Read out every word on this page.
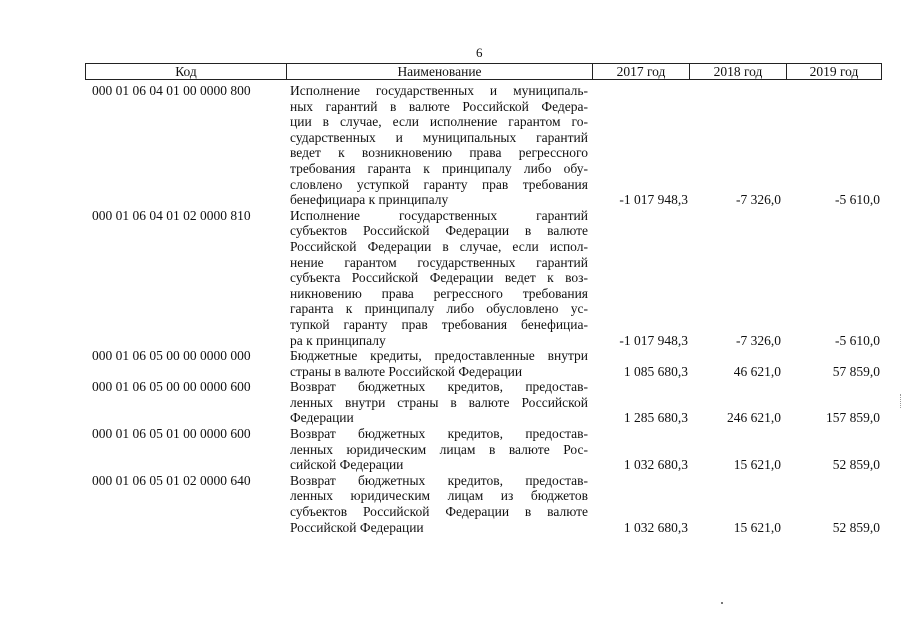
6
Код	Наименование	2017 год	2018 год	2019 год
000 01 06 04 01 00 0000 800	Исполнение государственных и муниципаль-
ных гарантий в валюте Российской Федера-
ции в случае, если исполнение гарантом го-
сударственных и муниципальных гарантий
ведет к возникновению права регрессного
требования гаранта к принципалу либо обу-
словлено уступкой гаранту прав требования
бенефициара к принципалу	-1 017 948,3	-7 326,0	-5 610,0
000 01 06 04 01 02 0000 810	Исполнение государственных гарантий
субъектов Российской Федерации в валюте
Российской Федерации в случае, если испол-
нение гарантом государственных гарантий
субъекта Российской Федерации ведет к воз-
никновению права регрессного требования
гаранта к принципалу либо обусловлено ус-
тупкой гаранту прав требования бенефициа-
ра к принципалу	-1 017 948,3	-7 326,0	-5 610,0
000 01 06 05 00 00 0000 000	Бюджетные кредиты, предоставленные внутри
страны в валюте Российской Федерации	1 085 680,3	46 621,0	57 859,0
000 01 06 05 00 00 0000 600	Возврат бюджетных кредитов, предостав-
ленных внутри страны в валюте Российской
Федерации	1 285 680,3	246 621,0	157 859,0
000 01 06 05 01 00 0000 600	Возврат бюджетных кредитов, предостав-
ленных юридическим лицам в валюте Рос-
сийской Федерации	1 032 680,3	15 621,0	52 859,0
000 01 06 05 01 02 0000 640	Возврат бюджетных кредитов, предостав-
ленных юридическим лицам из бюджетов
субъектов Российской Федерации в валюте
Российской Федерации	1 032 680,3	15 621,0	52 859,0
